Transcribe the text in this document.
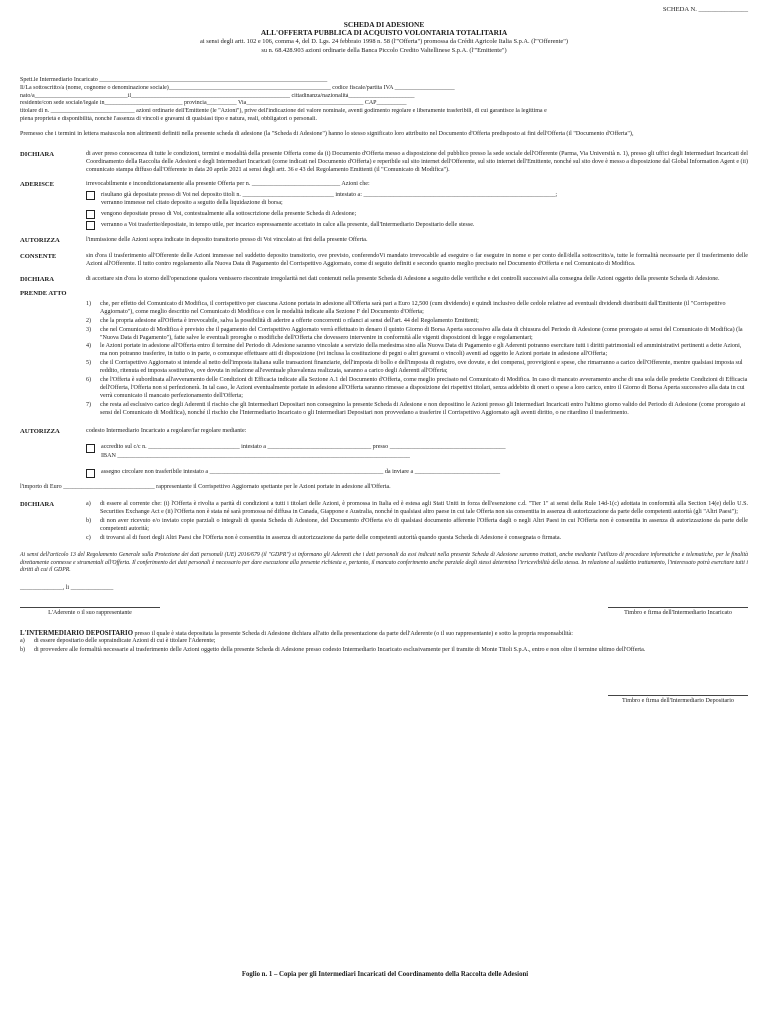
SCHEDA N. _______________
SCHEDA DI ADESIONE
ALL'OFFERTA PUBBLICA DI ACQUISTO VOLONTARIA TOTALITARIA
ai sensi degli artt. 102 e 106, comma 4, del D. Lgs. 24 febbraio 1998 n. 58 (l'"Offerta") promossa da Crédit Agricole Italia S.p.A. (l'"Offerente")
su n. 68.428.903 azioni ordinarie della Banca Piccolo Credito Valtellinese S.p.A. (l'"Emittente")
Spett.le Intermediario Incaricato ____________________________________________________________________________
Il/La sottoscritto/a (nome, cognome o denominazione sociale)______________________________________________________ codice fiscale/partita IVA ____________________
nato/a_______________________________il_____________________________________________________ cittadinanza/nazionalità______________________
residente/con sede sociale/legale in__________________________ provincia__________ Via_______________________________________ CAP__________
titolare di n. ____________________________ azioni ordinarie dell'Emittente (le "Azioni"), prive dell'indicazione del valore nominale, aventi godimento regolare e liberamente trasferibili, di cui garantisce la legittima e
piena proprietà e disponibilità, nonché l'assenza di vincoli e gravami di qualsiasi tipo e natura, reali, obbligatori o personali.
Premesso che i termini in lettera maiuscola non altrimenti definiti nella presente scheda di adesione (la "Scheda di Adesione") hanno lo stesso significato loro attribuito nel Documento d'Offerta predisposto ai fini dell'Offerta (il "Documento d'Offerta"),
DICHIARA	di aver preso conoscenza di tutte le condizioni, termini e modalità della presente Offerta come da (i) Documento d'Offerta messo a disposizione del pubblico presso la sede sociale dell'Offerente (Parma, Via Università n. 1), presso gli uffici degli Intermediari Incaricati del Coordinamento della Raccolta delle Adesioni e degli Intermediari Incaricati (come indicati nel Documento d'Offerta) e reperibile sul sito internet dell'Offerente, sul sito internet dell'Emittente, nonché sul sito dove è messo a disposizione dal Global Information Agent e (ii) comunicato stampa diffuso dall'Offerente in data 20 aprile 2021 ai sensi degli artt. 36 e 43 del Regolamento Emittenti (il "Comunicato di Modifica").
ADERISCE	irrevocabilmente e incondizionatamente alla presente Offerta per n. _____________________________ Azioni che:
risultano già depositate presso di Voi nel deposito titoli n. ______________________________ intestato a: _______________________________________________________________;
verranno immesse nel citato deposito a seguito della liquidazione di borsa;
vengono depositate presso di Voi, contestualmente alla sottoscrizione della presente Scheda di Adesione;
verranno a Voi trasferite/depositate, in tempo utile, per incarico espressamente accettato in calce alla presente, dall'Intermediario Depositario delle stesse.
AUTORIZZA	l'immissione delle Azioni sopra indicate in deposito transitorio presso di Voi vincolato ai fini della presente Offerta.
CONSENTE	sin d'ora il trasferimento all'Offerente delle Azioni immesse nel suddetto deposito transitorio, ove previsto, conferendoVi mandato irrevocabile ad eseguire o far eseguire in nome e per conto dell/della sottoscritto/a, tutte le formalità necessarie per il trasferimento delle Azioni all'Offerente. Il tutto contro regolamento alla Nuova Data di Pagamento del Corrispettivo Aggiornato, come di seguito definiti e secondo quanto meglio precisato nel Documento d'Offerta e nel Comunicato di Modifica.
DICHIARA	di accettare sin d'ora lo storno dell'operazione qualora venissero riscontrate irregolarità nei dati contenuti nella presente Scheda di Adesione a seguito delle verifiche e dei controlli successivi alla consegna delle Azioni oggetto della presente Scheda di Adesione.
PRENDE ATTO
1)	che, per effetto del Comunicato di Modifica, il corrispettivo per ciascuna Azione portata in adesione all'Offerta sarà pari a Euro 12,500 (cum dividendo) e quindi inclusivo delle cedole relative ad eventuali dividendi distribuiti dall'Emittente (il "Corrispettivo Aggiornato"), come meglio descritto nel Comunicato di Modifica e con le modalità indicate alla Sezione F del Documento d'Offerta;
2)	che la propria adesione all'Offerta è irrevocabile, salva la possibilità di aderire a offerte concorrenti o rilanci ai sensi dell'art. 44 del Regolamento Emittenti;
3)	che nel Comunicato di Modifica è previsto che il pagamento del Corrispettivo Aggiornato verrà effettuato in denaro il quinto Giorno di Borsa Aperta successivo alla data di chiusura del Periodo di Adesione (come prorogato ai sensi del Comunicato di Modifica) (la "Nuova Data di Pagamento"), fatte salve le eventuali proroghe o modifiche dell'Offerta che dovessero intervenire in conformità alle vigenti disposizioni di legge e regolamentari;
4)	le Azioni portate in adesione all'Offerta entro il termine del Periodo di Adesione saranno vincolate a servizio della medesima sino alla Nuova Data di Pagamento e gli Aderenti potranno esercitare tutti i diritti patrimoniali ed amministrativi pertinenti a dette Azioni, ma non potranno trasferire, in tutto o in parte, o comunque effettuare atti di disposizione (ivi inclusa la costituzione di pegni o altri gravami o vincoli) aventi ad oggetto le Azioni portate in adesione all'Offerta;
5)	che il Corrispettivo Aggiornato si intende al netto dell'imposta italiana sulle transazioni finanziarie, dell'imposta di bollo e dell'imposta di registro, ove dovute, e dei compensi, provvigioni e spese, che rimarranno a carico dell'Offerente, mentre qualsiasi imposta sul reddito, ritenuta ed imposta sostitutiva, ove dovuta in relazione all'eventuale plusvalenza realizzata, saranno a carico degli Aderenti all'Offerta;
6)	che l'Offerta è subordinata all'avveramento delle Condizioni di Efficacia indicate alla Sezione A.1 del Documento d'Offerta, come meglio precisato nel Comunicato di Modifica. In caso di mancato avveramento anche di una sola delle predette Condizioni di Efficacia dell'Offerta, l'Offerta non si perfezionerà. In tal caso, le Azioni eventualmente portate in adesione all'Offerta saranno rimesse a disposizione dei rispettivi titolari, senza addebito di oneri o spese a loro carico, entro il Giorno di Borsa Aperta successivo alla data in cui verrà comunicato il mancato perfezionamento dell'Offerta;
7)	che resta ad esclusivo carico degli Aderenti il rischio che gli Intermediari Depositari non consegnino la presente Scheda di Adesione e non depositino le Azioni presso gli Intermediari Incaricati entro l'ultimo giorno valido del Periodo di Adesione (come prorogato ai sensi del Comunicato di Modifica), nonché il rischio che l'Intermediario Incaricato o gli Intermediari Depositari non provvedano a trasferire il Corrispettivo Aggiornato agli aventi diritto, o ne ritardino il trasferimento.
AUTORIZZA	codesto Intermediario Incaricato a regolare/far regolare mediante:
accredito sul c/c n. ______________________________ intestato a __________________________________ presso ______________________________________
IBAN ________________________________________________________________________________________________
assegno circolare non trasferibile intestato a _________________________________________________________ da inviare a ____________________________
l'importo di Euro ______________________________ rappresentante il Corrispettivo Aggiornato spettante per le Azioni portate in adesione all'Offerta.
DICHIARA	a)	di essere al corrente che: (i) l'Offerta è rivolta a parità di condizioni a tutti i titolari delle Azioni, è promossa in Italia ed è estesa agli Stati Uniti in forza dell'esenzione c.d. "Tier 1" ai sensi della Rule 14d-1(c) adottata in conformità alla Section 14(e) dello U.S. Securities Exchange Act e (ii) l'Offerta non è stata né sarà promossa né diffusa in Canada, Giappone e Australia, nonché in qualsiasi altro paese in cui tale Offerta non sia consentita in assenza di autorizzazione da parte delle competenti autorità (gli "Altri Paesi");
b)	di non aver ricevuto e/o inviato copie parziali o integrali di questa Scheda di Adesione, del Documento d'Offerta e/o di qualsiasi documento afferente l'Offerta dagli o negli Altri Paesi in cui l'Offerta non è consentita in assenza di autorizzazione da parte delle competenti autorità;
c)	di trovarsi al di fuori degli Altri Paesi che l'Offerta non è consentita in assenza di autorizzazione da parte delle competenti autorità quando questa Scheda di Adesione è consegnata o firmata.
Ai sensi dell'articolo 13 del Regolamento Generale sulla Protezione dei dati personali (UE) 2016/679 (il "GDPR") si informano gli Aderenti che i dati personali da essi indicati nella presente Scheda di Adesione saranno trattati, anche mediante l'utilizzo di procedure informatiche e telematiche, per le finalità direttamente connesse e strumentali all'Offerta. Il conferimento dei dati personali è necessario per dare esecuzione alla presente richiesta e, pertanto, il mancato conferimento anche parziale degli stessi determina l'irricevibilità della stessa. In relazione al suddetto trattamento, l'interessato potrà esercitare tutti i diritti di cui il GDPR.
______________, li ______________
L'Aderente o il suo rappresentante	Timbro e firma dell'Intermediario Incaricato
L'INTERMEDIARIO DEPOSITARIO presso il quale è stata depositata la presente Scheda di Adesione dichiara all'atto della presentazione da parte dell'Aderente (o il suo rappresentante) e sotto la propria responsabilità:
a)	di essere depositario delle sopraindicate Azioni di cui è titolare l'Aderente;
b)	di provvedere alle formalità necessarie al trasferimento delle Azioni oggetto della presente Scheda di Adesione presso codesto Intermediario Incaricato esclusivamente per il tramite di Monte Titoli S.p.A., entro e non oltre il termine ultimo dell'Offerta.
Timbro e firma dell'Intermediario Depositario
Foglio n. 1 – Copia per gli Intermediari Incaricati del Coordinamento della Raccolta delle Adesioni
